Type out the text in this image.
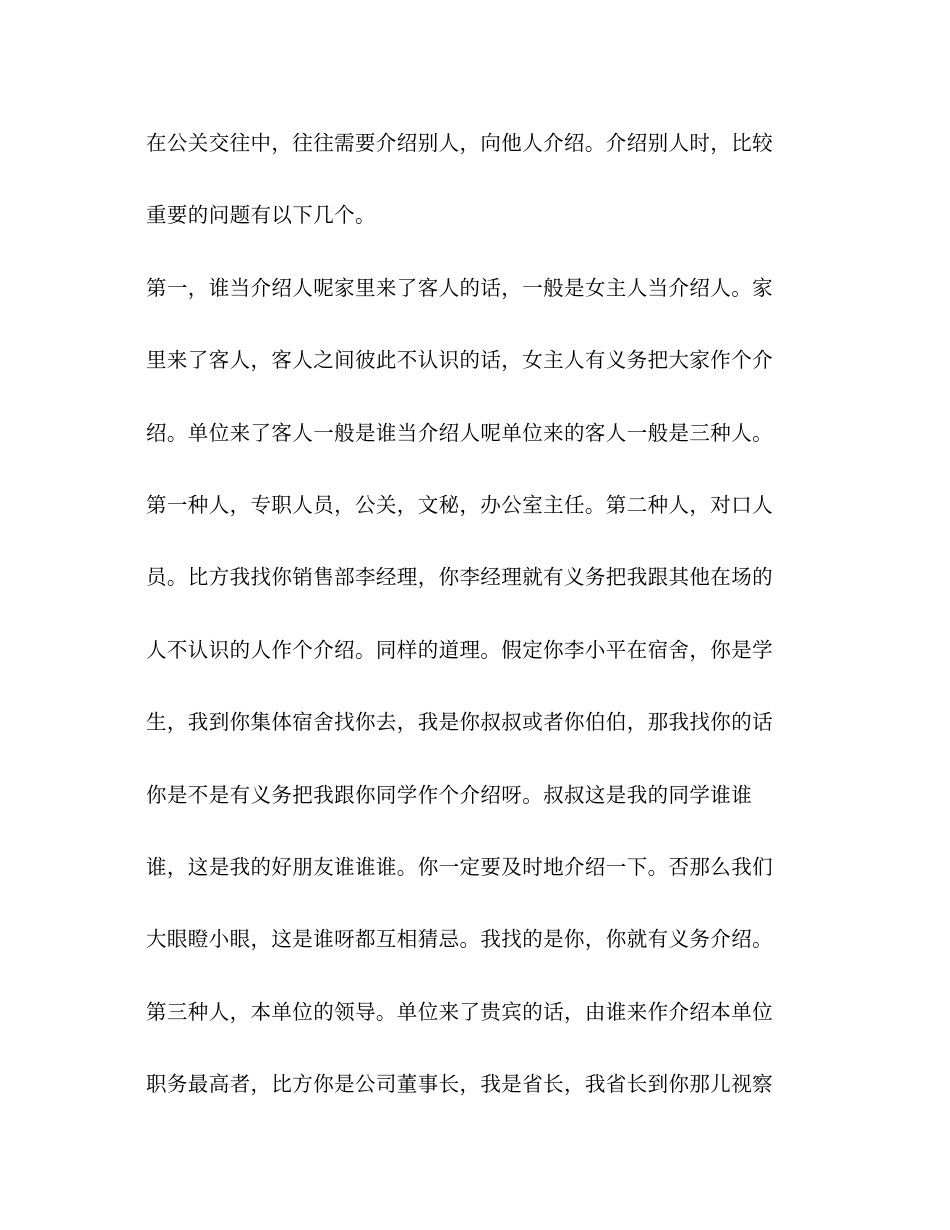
在公关交往中，往往需要介绍别人，向他人介绍。介绍别人时，比较
重要的问题有以下几个。
第一，谁当介绍人呢家里来了客人的话，一般是女主人当介绍人。家
里来了客人，客人之间彼此不认识的话，女主人有义务把大家作个介
绍。单位来了客人一般是谁当介绍人呢单位来的客人一般是三种人。
第一种人，专职人员，公关，文秘，办公室主任。第二种人，对口人
员。比方我找你销售部李经理，你李经理就有义务把我跟其他在场的
人不认识的人作个介绍。同样的道理。假定你李小平在宿舍，你是学
生，我到你集体宿舍找你去，我是你叔叔或者你伯伯，那我找你的话
你是不是有义务把我跟你同学作个介绍呀。叔叔这是我的同学谁谁
谁，这是我的好朋友谁谁谁。你一定要及时地介绍一下。否那么我们
大眼瞪小眼，这是谁呀都互相猜忌。我找的是你，你就有义务介绍。
第三种人，本单位的领导。单位来了贵宾的话，由谁来作介绍本单位
职务最高者，比方你是公司董事长，我是省长，我省长到你那儿视察
